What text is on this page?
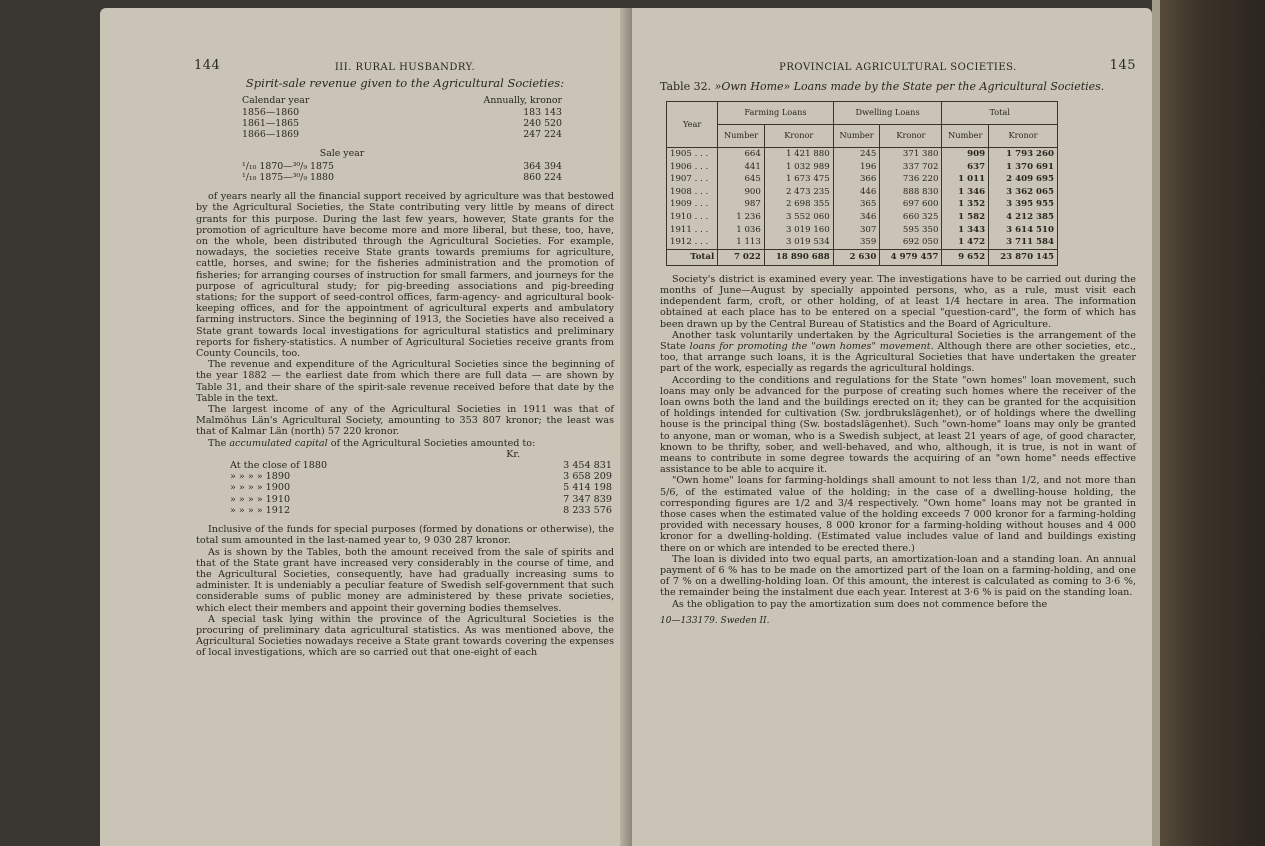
144	III. RURAL HUSBANDRY.
Spirit-sale revenue given to the Agricultural Societies:
Calendar year	Annually, kronor
1856—1860	183 143
1861—1865	240 520
1866—1869	247 224
Sale year
¹/₁₀ 1870—³⁰/₉ 1875	364 394
¹/₁₀ 1875—³⁰/₉ 1880	860 224

of years nearly all the financial support received by agriculture was that bestowed by the Agricultural Societies, the State contributing very little by means of direct grants for this purpose. During the last few years, however, State grants for the promotion of agriculture have become more and more liberal, but these, too, have, on the whole, been distributed through the Agricultural Societies. For example, nowadays, the societies receive State grants towards premiums for agriculture, cattle, horses, and swine; for the fisheries administration and the promotion of fisheries; for arranging courses of instruction for small farmers, and journeys for the purpose of agricultural study; for pig-breeding associations and pig-breeding stations; for the support of seed-control offices, farm-agency- and agricultural book-keeping offices, and for the appointment of agricultural experts and ambulatory farming instructors. Since the beginning of 1913, the Societies have also received a State grant towards local investigations for agricultural statistics and preliminary reports for fishery-statistics. A number of Agricultural Societies receive grants from County Councils, too.

The revenue and expenditure of the Agricultural Societies since the beginning of the year 1882 — the earliest date from which there are full data — are shown by Table 31, and their share of the spirit-sale revenue received before that date by the Table in the text.

The largest income of any of the Agricultural Societies in 1911 was that of Malmöhus Län's Agricultural Society, amounting to 353 807 kronor; the least was that of Kalmar Län (north) 57 220 kronor.

The accumulated capital of the Agricultural Societies amounted to:

Kr.
At the close of 1880	3 454 831
» » » » 1890	3 658 209
» » » » 1900	5 414 198
» » » » 1910	7 347 839
» » » » 1912	8 233 576

Inclusive of the funds for special purposes (formed by donations or otherwise), the total sum amounted in the last-named year to, 9 030 287 kronor.

As is shown by the Tables, both the amount received from the sale of spirits and that of the State grant have increased very considerably in the course of time, and the Agricultural Societies, consequently, have had gradually increasing sums to administer. It is undeniably a peculiar feature of Swedish self-government that such considerable sums of public money are administered by these private societies, which elect their members and appoint their governing bodies themselves.

A special task lying within the province of the Agricultural Societies is the procuring of preliminary data agricultural statistics. As was mentioned above, the Agricultural Societies nowadays receive a State grant towards covering the expenses of local investigations, which are so carried out that one-eight of each

PROVINCIAL AGRICULTURAL SOCIETIES.	145
Table 32. »Own Home» Loans made by the State per the Agricultural Societies.
Year	Farming Loans		Dwelling Loans		Total	
	Number	Kronor	Number	Kronor	Number	Kronor
1905 . . .	664	1 421 880	245	371 380	909	1 793 260
1906 . . .	441	1 032 989	196	337 702	637	1 370 691
1907 . . .	645	1 673 475	366	736 220	1 011	2 409 695
1908 . . .	900	2 473 235	446	888 830	1 346	3 362 065
1909 . . .	987	2 698 355	365	697 600	1 352	3 395 955
1910 . . .	1 236	3 552 060	346	660 325	1 582	4 212 385
1911 . . .	1 036	3 019 160	307	595 350	1 343	3 614 510
1912 . . .	1 113	3 019 534	359	692 050	1 472	3 711 584
Total	7 022	18 890 688	2 630	4 979 457	9 652	23 870 145

Society's district is examined every year. The investigations have to be carried out during the months of June—August by specially appointed persons, who, as a rule, must visit each independent farm, croft, or other holding, of at least 1/4 hectare in area. The information obtained at each place has to be entered on a special "question-card", the form of which has been drawn up by the Central Bureau of Statistics and the Board of Agriculture.

Another task voluntarily undertaken by the Agricultural Societies is the arrangement of the State loans for promoting the "own homes" movement. Although there are other societies, etc., too, that arrange such loans, it is the Agricultural Societies that have undertaken the greater part of the work, especially as regards the agricultural holdings.

According to the conditions and regulations for the State "own homes" loan movement, such loans may only be advanced for the purpose of creating such homes where the receiver of the loan owns both the land and the buildings erected on it; they can be granted for the acquisition of holdings intended for cultivation (Sw. jordbrukslägenhet), or of holdings where the dwelling house is the principal thing (Sw. bostadslägenhet). Such "own-home" loans may only be granted to anyone, man or woman, who is a Swedish subject, at least 21 years of age, of good character, known to be thrifty, sober, and well-behaved, and who, although, it is true, is not in want of means to contribute in some degree towards the acquiring of an "own home" needs effective assistance to be able to acquire it.

"Own home" loans for farming-holdings shall amount to not less than 1/2, and not more than 5/6, of the estimated value of the holding; in the case of a dwelling-house holding, the corresponding figures are 1/2 and 3/4 respectively. "Own home" loans may not be granted in those cases when the estimated value of the holding exceeds 7 000 kronor for a farming-holding provided with necessary houses, 8 000 kronor for a farming-holding without houses and 4 000 kronor for a dwelling-holding. (Estimated value includes value of land and buildings existing there on or which are intended to be erected there.)

The loan is divided into two equal parts, an amortization-loan and a standing loan. An annual payment of 6 % has to be made on the amortized part of the loan on a farming-holding, and one of 7 % on a dwelling-holding loan. Of this amount, the interest is calculated as coming to 3·6 %, the remainder being the instalment due each year. Interest at 3·6 % is paid on the standing loan.

As the obligation to pay the amortization sum does not commence before the

10—133179. Sweden II.
